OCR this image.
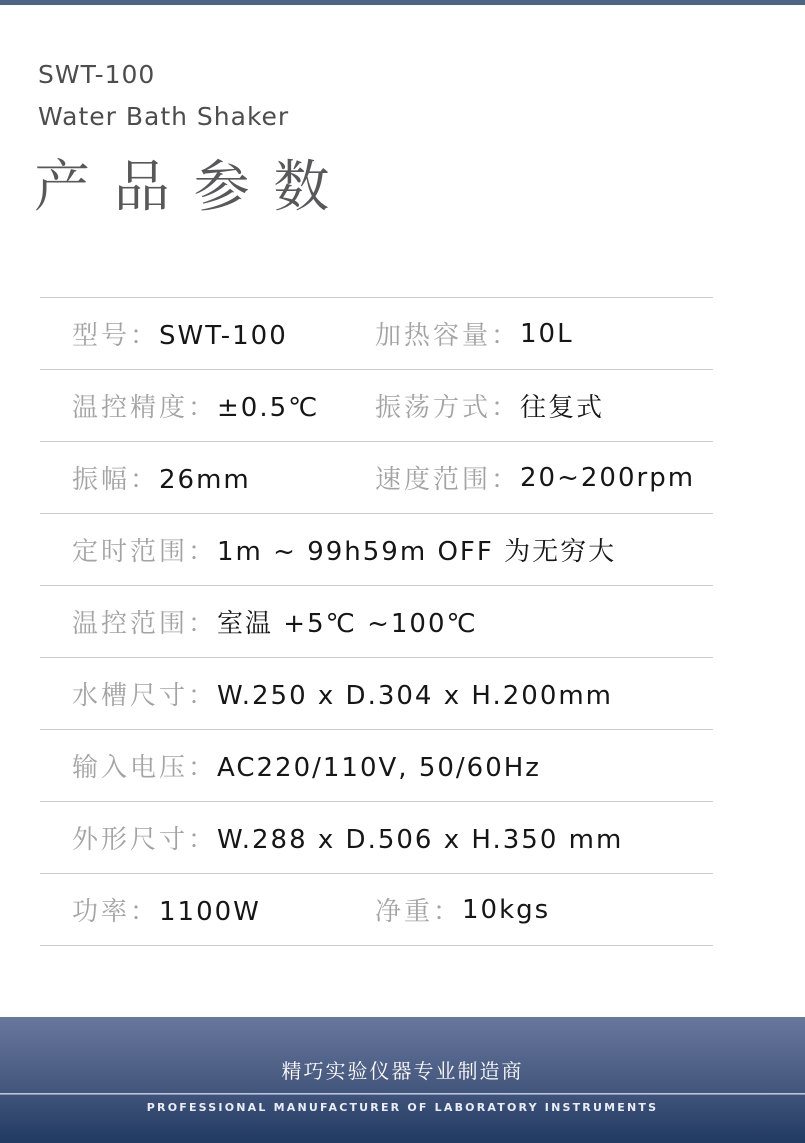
SWT-100
Water Bath Shaker
产 品 参 数
型号：SWT-100	加热容量： 10L
温控精度：±0.5℃ 振荡方式： 往复式
振幅：26mm	速度范围： 20~200rpm
定时范围：1m ~ 99h59m OFF 为无穷大
温控范围：室温 +5℃ ~100℃
水槽尺寸：W.250 x D.304 x H.200mm
输入电压：AC220/110V, 50/60Hz
外形尺寸：W.288 x D.506 x H.350 mm
功率：1100W	净重： 10kgs
精巧实验仪器专业制造商
PROFESSIONAL MANUFACTURER OF LABORATORY INSTRUMENTS
